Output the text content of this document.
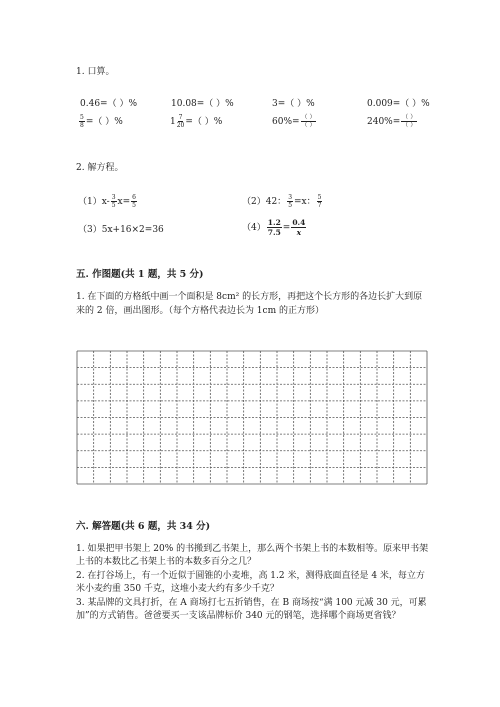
1. 口算。
0.46=（ ）%	10.08=（ ）%	3=（ ）%	0.009=（ ）%
$\frac{5}{8}$ =（ ）%	$1 \frac{7}{20}$ =（ ）%	$60\%= \frac{( )}{( )}$	$240\%= \frac{( )}{( )}$
2. 解方程。
$(1)x- \frac{3}{5} x= \frac{6}{5}$	（2）42： $\frac{3}{5} =x$： $\frac{5}{7}$
（3）5x+16×2=36	$(4) \frac{1.2}{7.5} = \frac{0.4}{x}$
五. 作图题(共 1 题，共 5 分)
1. 在下面的方格纸中画一个面积是 8cm² 的长方形，再把这个长方形的各边长扩大到原来的 2 倍，画出图形。（每个方格代表边长为 1cm 的正方形）
六. 解答题(共 6 题，共 34 分)
1. 如果把甲书架上 20% 的书搬到乙书架上，那么两个书架上书的本数相等。原来甲书架上书的本数比乙书架上书的本数多百分之几？
2. 在打谷场上，有一个近似于圆锥的小麦堆，高 1.2 米，测得底面直径是 4 米，每立方米小麦约重 350 千克，这堆小麦大约有多少千克？
3. 某品牌的文具打折，在 A 商场打七五折销售，在 B 商场按“满 100 元减 30 元，可累加”的方式销售。爸爸要买一支该品牌标价 340 元的钢笔，选择哪个商场更省钱？
